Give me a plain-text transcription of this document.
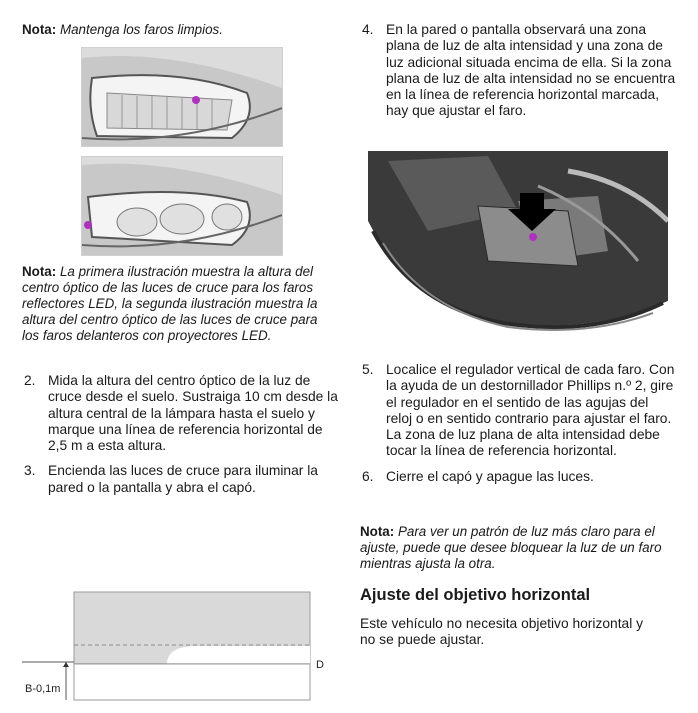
Nota: Mantenga los faros limpios.

Nota: La primera ilustración muestra la altura del centro óptico de las luces de cruce para los faros reflectores LED, la segunda ilustración muestra la altura del centro óptico de las luces de cruce para los faros delanteros con proyectores LED.

2. Mida la altura del centro óptico de la luz de cruce desde el suelo. Sustraiga 10 cm desde la altura central de la lámpara hasta el suelo y marque una línea de referencia horizontal de 2,5 m a esta altura.

3. Encienda las luces de cruce para iluminar la pared o la pantalla y abra el capó.

D
B-0,1m

4. En la pared o pantalla observará una zona plana de luz de alta intensidad y una zona de luz adicional situada encima de ella. Si la zona plana de luz de alta intensidad no se encuentra en la línea de referencia horizontal marcada, hay que ajustar el faro.

5. Localice el regulador vertical de cada faro. Con la ayuda de un destornillador Phillips n.º 2, gire el regulador en el sentido de las agujas del reloj o en sentido contrario para ajustar el faro. La zona de luz plana de alta intensidad debe tocar la línea de referencia horizontal.

6. Cierre el capó y apague las luces.

Nota: Para ver un patrón de luz más claro para el ajuste, puede que desee bloquear la luz de un faro mientras ajusta la otra.

Ajuste del objetivo horizontal

Este vehículo no necesita objetivo horizontal y no se puede ajustar.
